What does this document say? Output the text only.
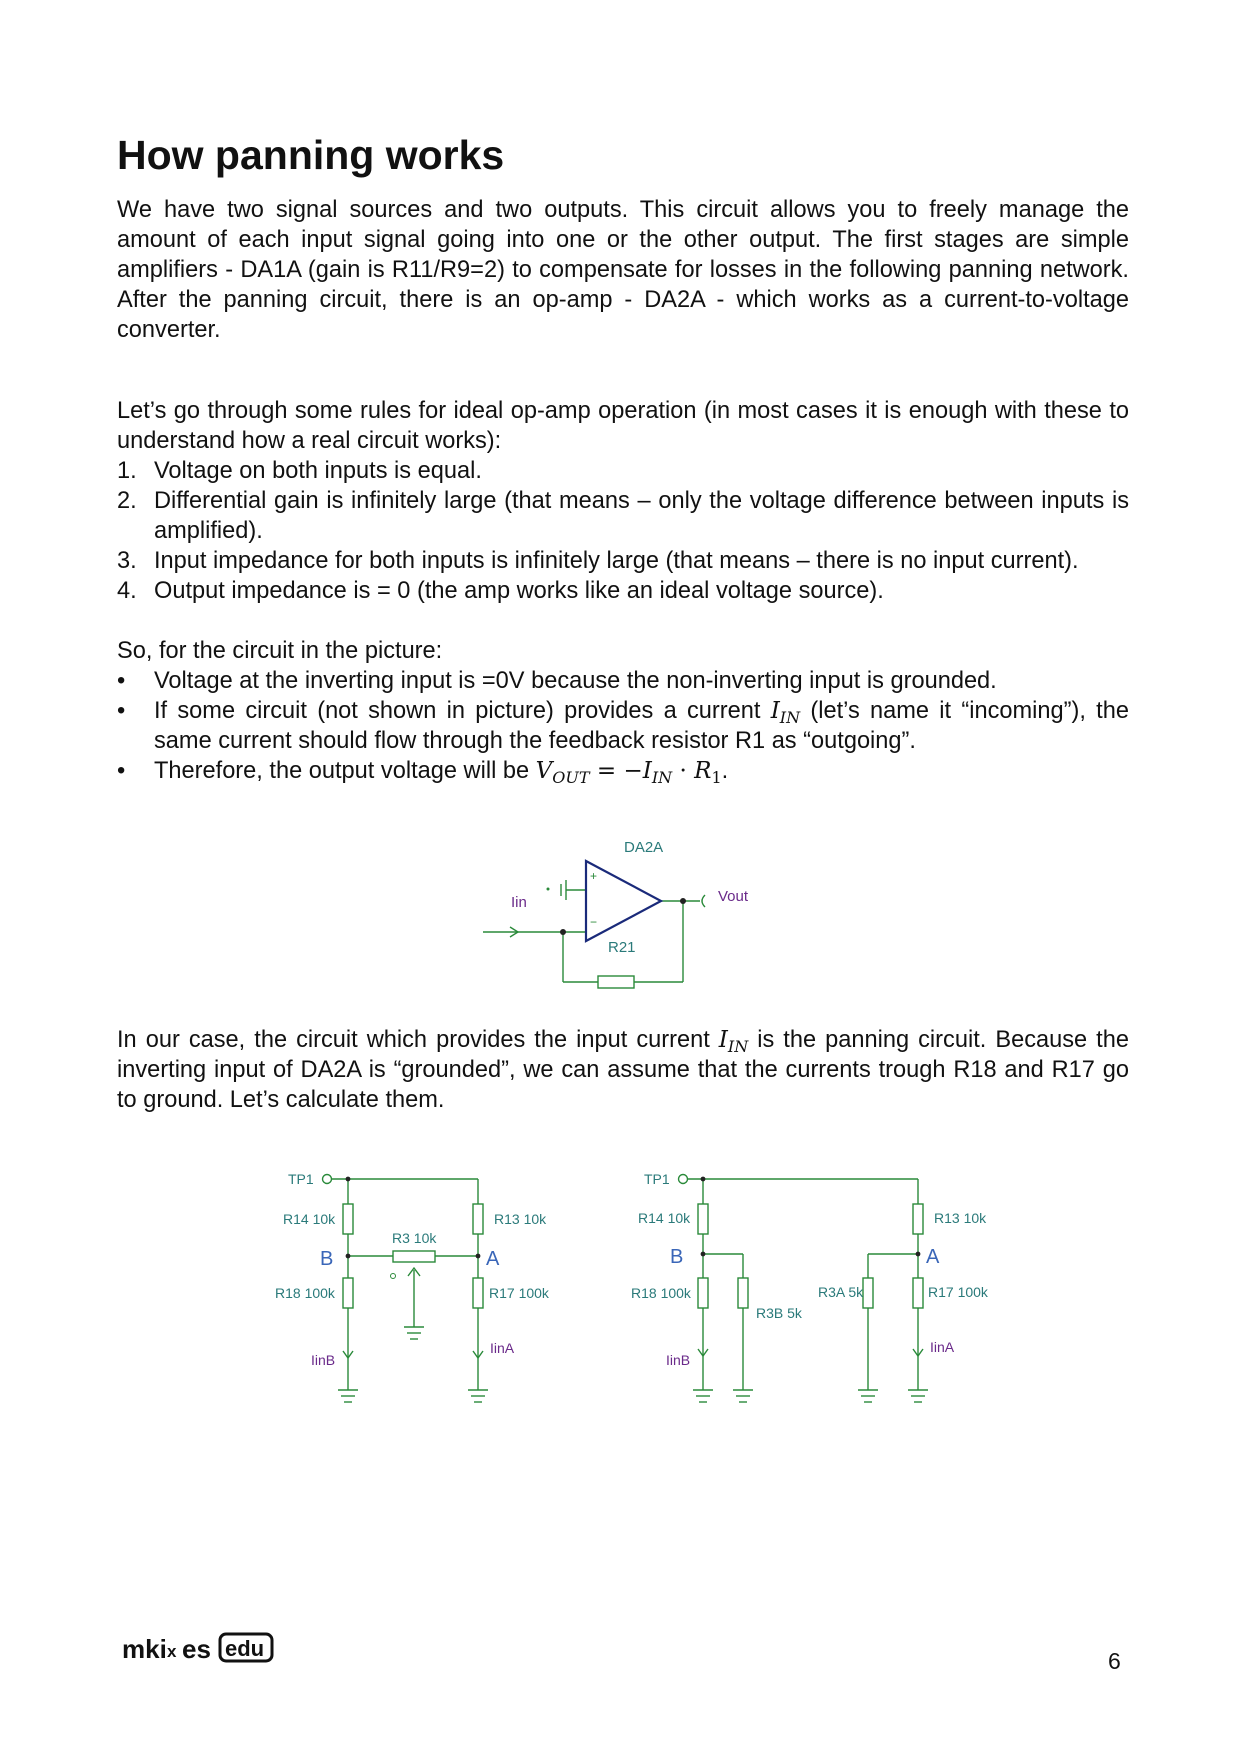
How panning works

We have two signal sources and two outputs. This circuit allows you to freely manage the amount of each input signal going into one or the other output. The first stages are simple amplifiers - DA1A (gain is R11/R9=2) to compensate for losses in the following panning network. After the panning circuit, there is an op-amp - DA2A - which works as a current-to-voltage converter.

Let’s go through some rules for ideal op-amp operation (in most cases it is enough with these to understand how a real circuit works):

1. Voltage on both inputs is equal.
2. Differential gain is infinitely large (that means – only the voltage difference between inputs is amplified).
3. Input impedance for both inputs is infinitely large (that means – there is no input current).
4. Output impedance is = 0 (the amp works like an ideal voltage source).

So, for the circuit in the picture:

• Voltage at the inverting input is =0V because the non-inverting input is grounded.
• If some circuit (not shown in picture) provides a current $I_{IN}$ (let’s name it “incoming”), the same current should flow through the feedback resistor R1 as “outgoing”.
• Therefore, the output voltage will be $V_{OUT} = -I_{IN} \cdot R_1$.
+
−
DA2A
Iin	Vout
R21

In our case, the circuit which provides the input current $I_{IN}$ is the panning circuit. Because the inverting input of DA2A is “grounded”, we can assume that the currents trough R18 and R17 go to ground. Let’s calculate them.

TP1
R14 10k	R13 10k
R3 10k
B	A
R18 100k	R17 100k
IinB
IinA
TP1
R14 10k	R13 10k
B	A
R18 100k
R3B 5k
R3A 5k	R17 100k
IinB
IinA
mki x es edu	6
